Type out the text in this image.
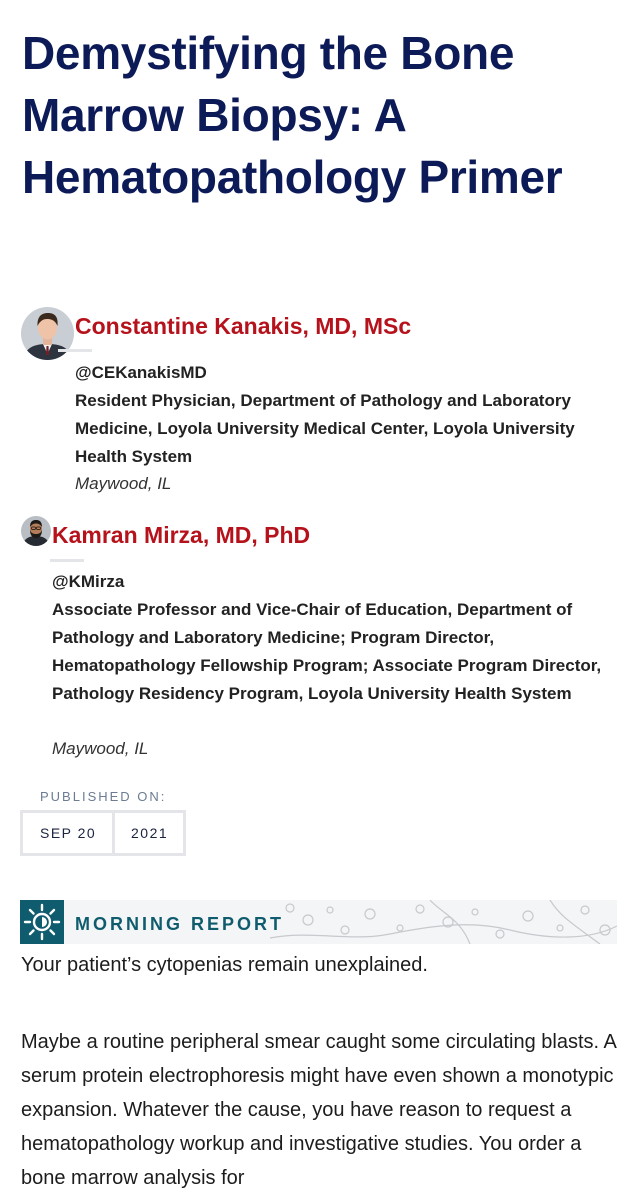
Demystifying the Bone Marrow Biopsy: A Hematopathology Primer
Constantine Kanakis, MD, MSc

@CEKanakisMD

Resident Physician, Department of Pathology and Laboratory Medicine, Loyola University Medical Center, Loyola University Health System

Maywood, IL
Kamran Mirza, MD, PhD

@KMirza

Associate Professor and Vice-Chair of Education, Department of Pathology and Laboratory Medicine; Program Director, Hematopathology Fellowship Program; Associate Program Director, Pathology Residency Program, Loyola University Health System

Maywood, IL
PUBLISHED ON:
SEP 20 2021
MORNING REPORT

Your patient’s cytopenias remain unexplained.

Maybe a routine peripheral smear caught some circulating blasts. A serum protein electrophoresis might have even shown a monotypic expansion. Whatever the cause, you have reason to request a hematopathology workup and investigative studies. You order a bone marrow analysis for
